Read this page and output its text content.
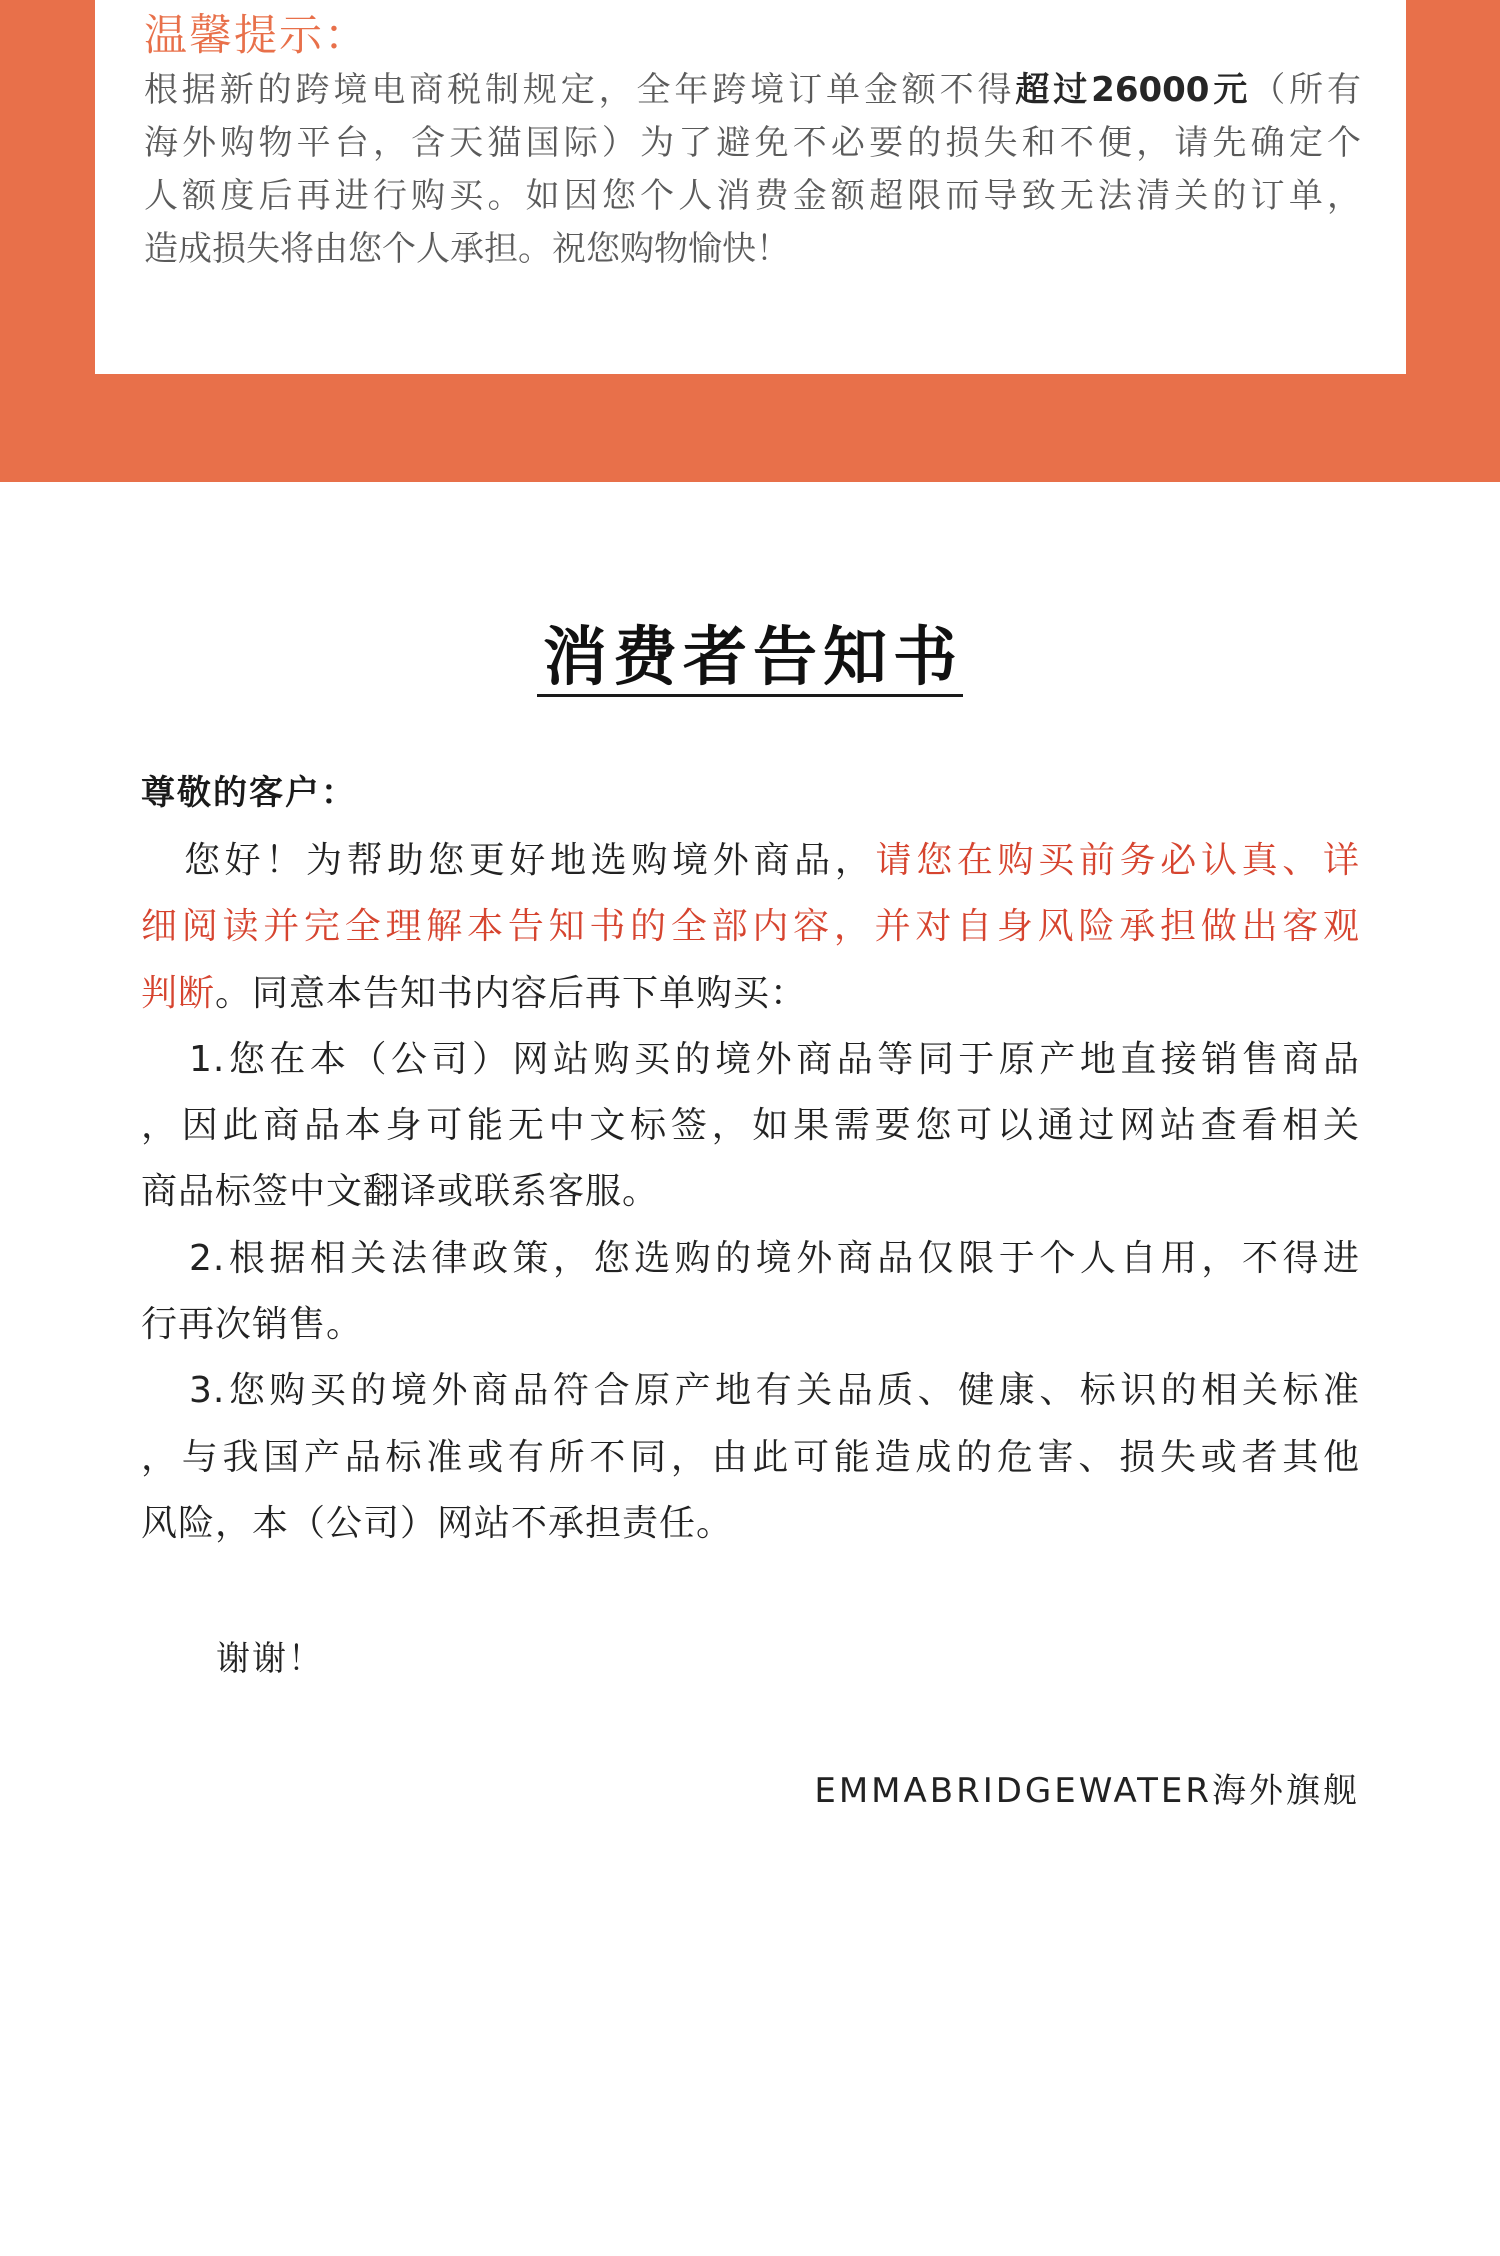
温馨提示：
根据新的跨境电商税制规定，全年跨境订单金额不得超过26000元（所有
海外购物平台，含天猫国际）为了避免不必要的损失和不便，请先确定个
人额度后再进行购买。如因您个人消费金额超限而导致无法清关的订单，
造成损失将由您个人承担。祝您购物愉快！
消费者告知书
尊敬的客户：
您好！为帮助您更好地选购境外商品，请您在购买前务必认真、详
细阅读并完全理解本告知书的全部内容，并对自身风险承担做出客观
判断。同意本告知书内容后再下单购买：
1.您在本（公司）网站购买的境外商品等同于原产地直接销售商品
，因此商品本身可能无中文标签，如果需要您可以通过网站查看相关
商品标签中文翻译或联系客服。
2.根据相关法律政策，您选购的境外商品仅限于个人自用，不得进
行再次销售。
3.您购买的境外商品符合原产地有关品质、健康、标识的相关标准
，与我国产品标准或有所不同，由此可能造成的危害、损失或者其他
风险，本（公司）网站不承担责任。
谢谢！
EMMABRIDGEWATER海外旗舰
